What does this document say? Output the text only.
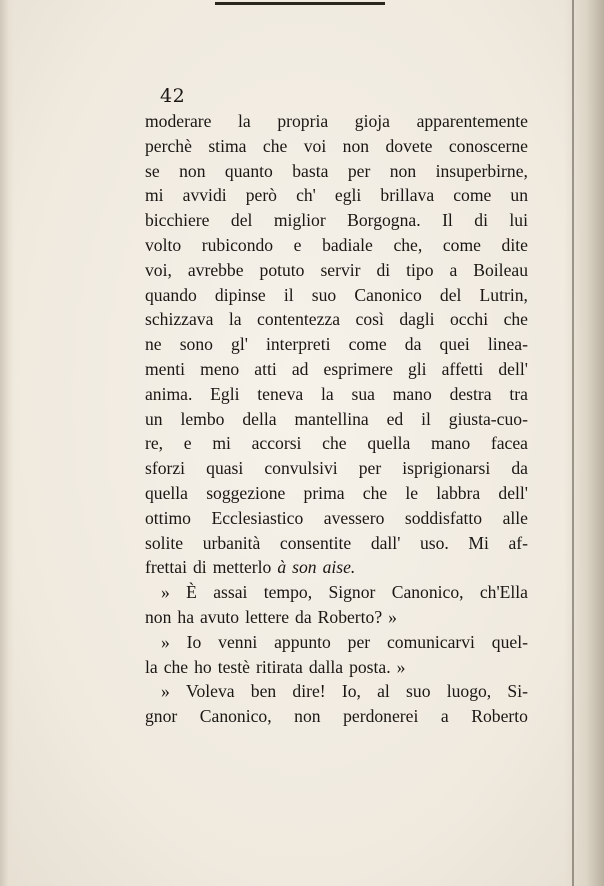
42
moderare la propria gioja apparentemente
perchè stima che voi non dovete conoscerne
se non quanto basta per non insuperbirne,
mi avvidi però ch' egli brillava come un
bicchiere del miglior Borgogna. Il di lui
volto rubicondo e badiale che, come dite
voi, avrebbe potuto servir di tipo a Boileau
quando dipinse il suo Canonico del Lutrin,
schizzava la contentezza così dagli occhi che
ne sono gl' interpreti come da quei linea-
menti meno atti ad esprimere gli affetti dell'
anima. Egli teneva la sua mano destra tra
un lembo della mantellina ed il giusta-cuo-
re, e mi accorsi che quella mano facea
sforzi quasi convulsivi per isprigionarsi da
quella soggezione prima che le labbra dell'
ottimo Ecclesiastico avessero soddisfatto alle
solite urbanità consentite dall' uso. Mi af-
frettai di metterlo à son aise.
» È assai tempo, Signor Canonico, ch'Ella
non ha avuto lettere da Roberto? »
» Io venni appunto per comunicarvi quel-
la che ho testè ritirata dalla posta. »
» Voleva ben dire! Io, al suo luogo, Si-
gnor Canonico, non perdonerei a Roberto
